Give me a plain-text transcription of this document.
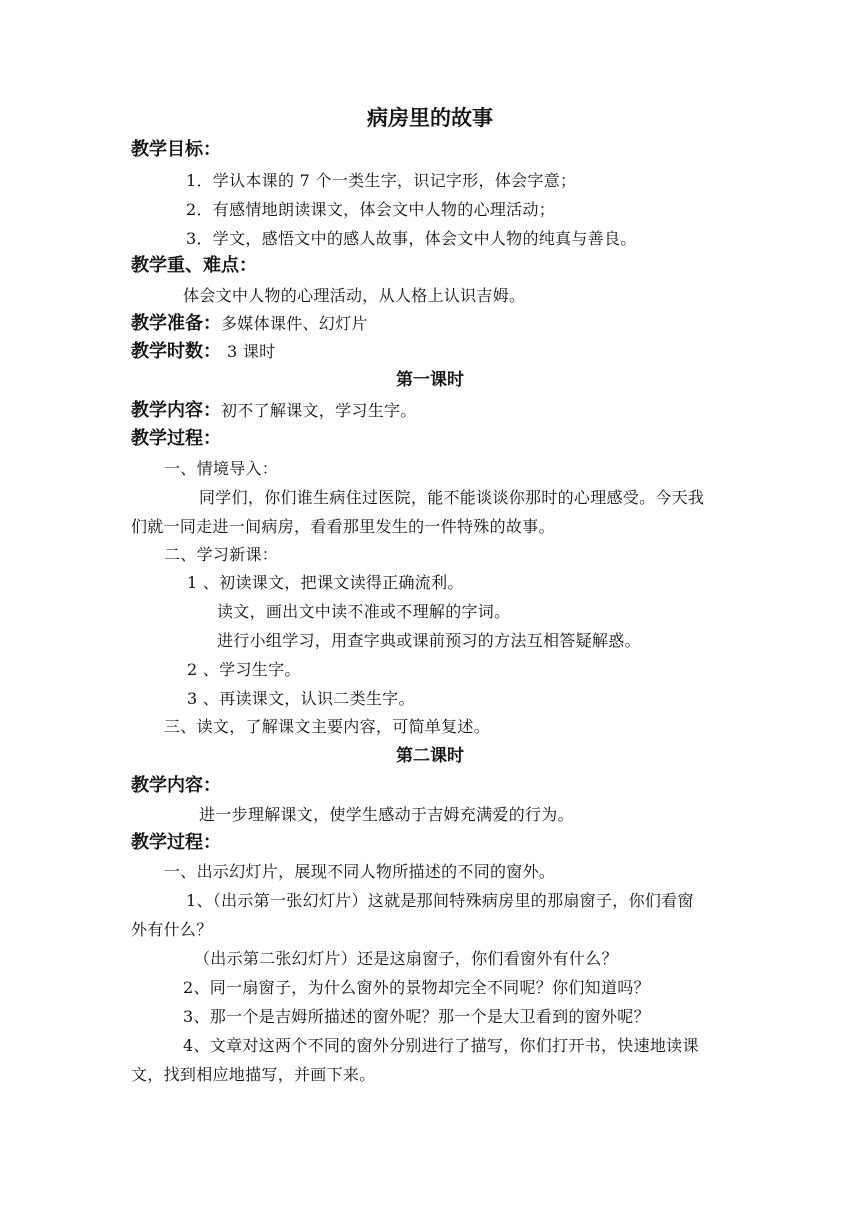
病房里的故事
教学目标：
1．学认本课的 7 个一类生字，识记字形，体会字意；
2．有感情地朗读课文，体会文中人物的心理活动；
3．学文，感悟文中的感人故事，体会文中人物的纯真与善良。
教学重、难点：
体会文中人物的心理活动，从人格上认识吉姆。
教学准备：多媒体课件、幻灯片
教学时数： 3 课时
第一课时
教学内容：初不了解课文，学习生字。
教学过程：
一、情境导入：
同学们，你们谁生病住过医院，能不能谈谈你那时的心理感受。今天我
们就一同走进一间病房，看看那里发生的一件特殊的故事。
二、学习新课：
1 、初读课文，把课文读得正确流利。
读文，画出文中读不准或不理解的字词。
进行小组学习，用查字典或课前预习的方法互相答疑解惑。
2 、学习生字。
3 、再读课文，认识二类生字。
三、读文，了解课文主要内容，可简单复述。
第二课时
教学内容：
进一步理解课文，使学生感动于吉姆充满爱的行为。
教学过程：
一、出示幻灯片，展现不同人物所描述的不同的窗外。
1、（出示第一张幻灯片）这就是那间特殊病房里的那扇窗子，你们看窗
外有什么？
（出示第二张幻灯片）还是这扇窗子，你们看窗外有什么？
2、同一扇窗子，为什么窗外的景物却完全不同呢？你们知道吗？
3、那一个是吉姆所描述的窗外呢？那一个是大卫看到的窗外呢？
4、文章对这两个不同的窗外分别进行了描写，你们打开书，快速地读课
文，找到相应地描写，并画下来。
